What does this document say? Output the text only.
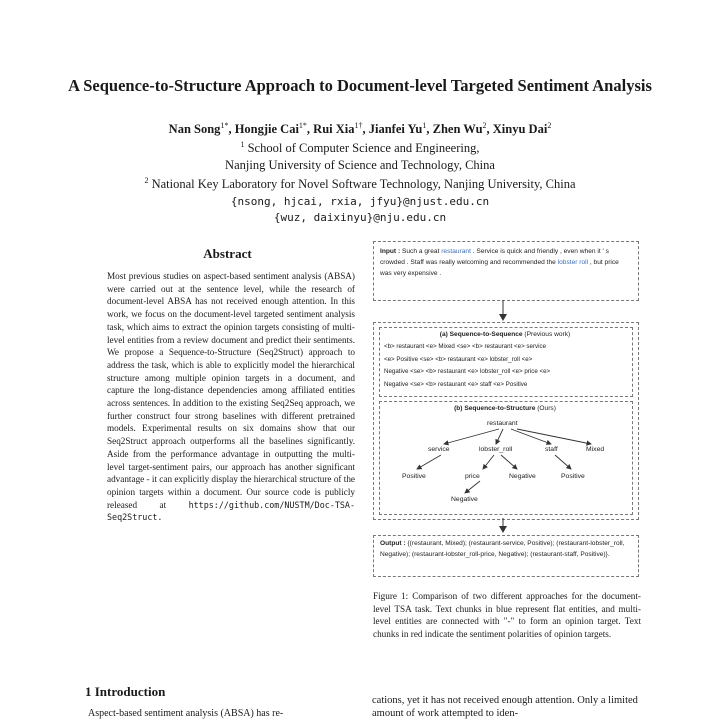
A Sequence-to-Structure Approach to Document-level Targeted Sentiment Analysis
Nan Song$^{1*}$, Hongjie Cai$^{1*}$, Rui Xia$^{1\dagger}$, Jianfei Yu$^1$, Zhen Wu$^2$, Xinyu Dai$^2$
$^1$ School of Computer Science and Engineering,
Nanjing University of Science and Technology, China
$^2$ National Key Laboratory for Novel Software Technology, Nanjing University, China
{nsong, hjcai, rxia, jfyu}@njust.edu.cn
{wuz, daixinyu}@nju.edu.cn
Abstract
Most previous studies on aspect-based sentiment analysis (ABSA) were carried out at the sentence level, while the research of document-level ABSA has not received enough attention. In this work, we focus on the document-level targeted sentiment analysis task, which aims to extract the opinion targets consisting of multi-level entities from a review document and predict their sentiments. We propose a Sequence-to-Structure (Seq2Struct) approach to address the task, which is able to explicitly model the hierarchical structure among multiple opinion targets in a document, and capture the long-distance dependencies among affiliated entities across sentences. In addition to the existing Seq2Seq approach, we further construct four strong baselines with different pretrained models. Experimental results on six domains show that our Seq2Struct approach outperforms all the baselines significantly. Aside from the performance advantage in outputting the multi-level target-sentiment pairs, our approach has another significant advantage - it can explicitly display the hierarchical structure of the opinion targets within a document. Our source code is publicly released at	https://github.com/NUSTM/Doc-TSA-Seq2Struct.
1 Introduction
Aspect-based sentiment analysis (ABSA) has re-
Input : Such a great restaurant . Service is quick and friendly , even when it ' s crowded . Staff was really welcoming and recommended the lobster roll , but price was very expensive .
(a) Sequence-to-Sequence (Previous work)
<b> restaurant <e> Mixed <se> <b> restaurant <e> service
<e> Positive <se> <b> restaurant <e> lobster_roll <e>
Negative <se> <b> restaurant <e> lobster_roll <e> price <e>
Negative <se> <b> restaurant <e> staff <e> Positive
(b) Sequence-to-Structure (Ours)
restaurant
service	lobster_roll	staff	Mixed
Positive	price	Negative	Positive
Negative
Output : {(restaurant, Mixed); (restaurant-service, Positive); (restaurant-lobster_roll, Negative); (restaurant-lobster_roll-price, Negative); (restaurant-staff, Positive)}.
Figure 1: Comparison of two different approaches for the document-level TSA task. Text chunks in blue represent flat entities, and multi-level entities are connected with "-" to form an opinion target. Text chunks in red indicate the sentiment polarities of opinion targets.
cations, yet it has not received enough attention. Only a limited amount of work attempted to iden-
